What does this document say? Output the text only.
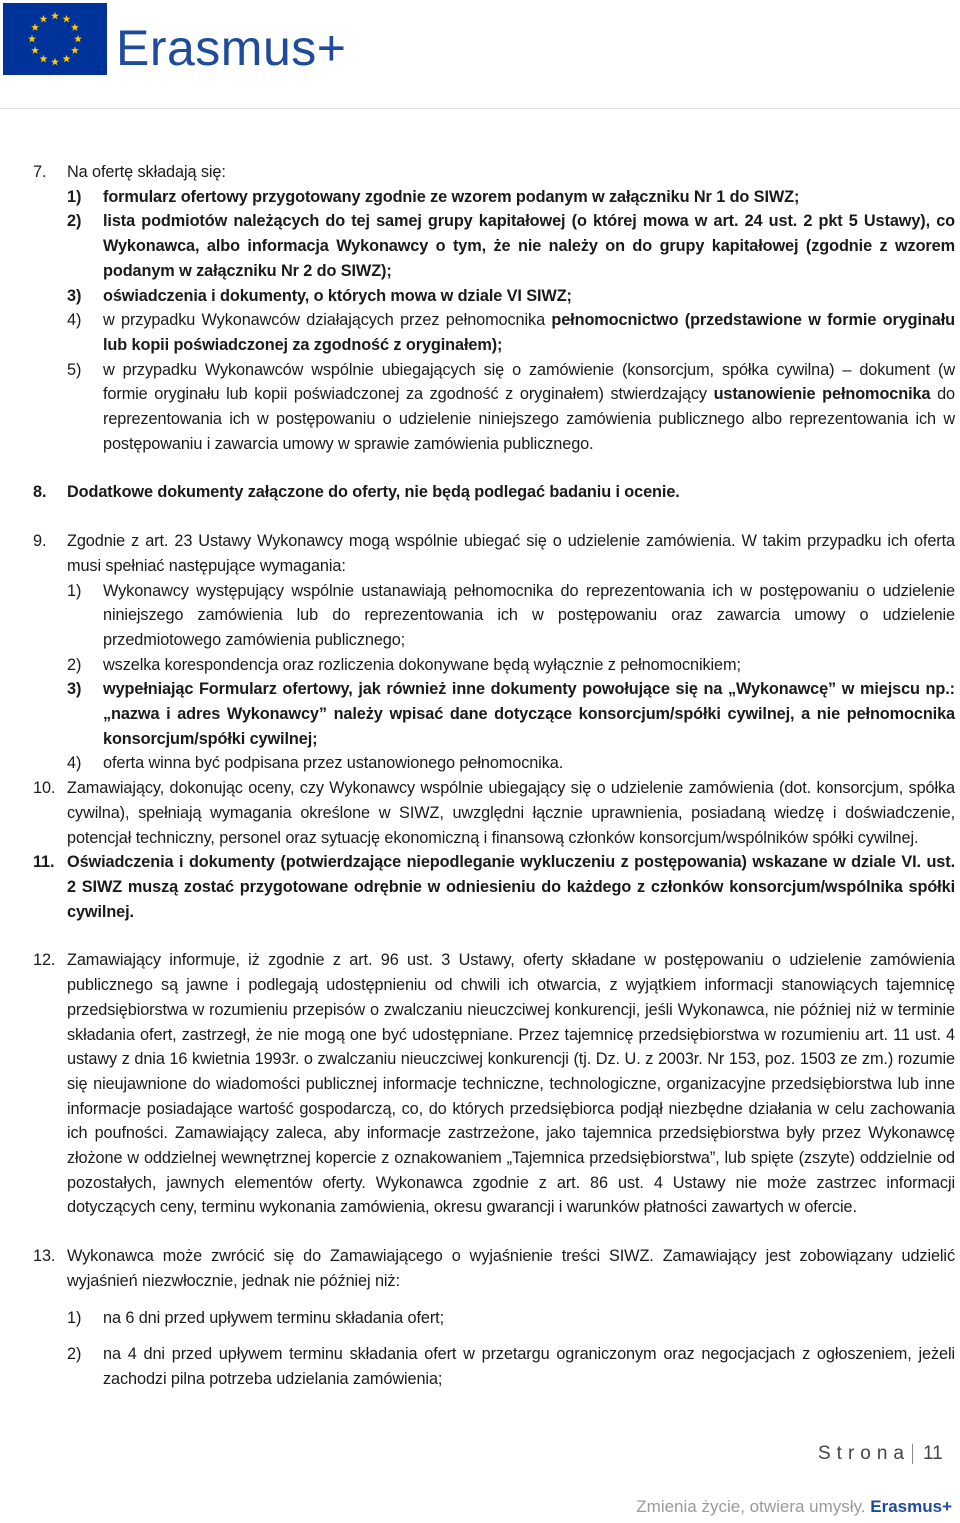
Erasmus+
7. Na ofertę składają się:

1) formularz ofertowy przygotowany zgodnie ze wzorem podanym w załączniku Nr 1 do SIWZ;

2) lista podmiotów należących do tej samej grupy kapitałowej (o której mowa w art. 24 ust. 2 pkt 5 Ustawy), co Wykonawca, albo informacja Wykonawcy o tym, że nie należy on do grupy kapitałowej (zgodnie z wzorem podanym w załączniku Nr 2 do SIWZ);

3) oświadczenia i dokumenty, o których mowa w dziale VI SIWZ;

4) w przypadku Wykonawców działających przez pełnomocnika pełnomocnictwo (przedstawione w formie oryginału lub kopii poświadczonej za zgodność z oryginałem);

5) w przypadku Wykonawców wspólnie ubiegających się o zamówienie (konsorcjum, spółka cywilna) – dokument (w formie oryginału lub kopii poświadczonej za zgodność z oryginałem) stwierdzający ustanowienie pełnomocnika do reprezentowania ich w postępowaniu o udzielenie niniejszego zamówienia publicznego albo reprezentowania ich w postępowaniu i zawarcia umowy w sprawie zamówienia publicznego.

8. Dodatkowe dokumenty załączone do oferty, nie będą podlegać badaniu i ocenie.

9. Zgodnie z art. 23 Ustawy Wykonawcy mogą wspólnie ubiegać się o udzielenie zamówienia. W takim przypadku ich oferta musi spełniać następujące wymagania:

1) Wykonawcy występujący wspólnie ustanawiają pełnomocnika do reprezentowania ich w postępowaniu o udzielenie niniejszego zamówienia lub do reprezentowania ich w postępowaniu oraz zawarcia umowy o udzielenie przedmiotowego zamówienia publicznego;

2) wszelka korespondencja oraz rozliczenia dokonywane będą wyłącznie z pełnomocnikiem;

3) wypełniając Formularz ofertowy, jak również inne dokumenty powołujące się na „Wykonawcę” w miejscu np.: „nazwa i adres Wykonawcy” należy wpisać dane dotyczące konsorcjum/spółki cywilnej, a nie pełnomocnika konsorcjum/spółki cywilnej;

4) oferta winna być podpisana przez ustanowionego pełnomocnika.

10. Zamawiający, dokonując oceny, czy Wykonawcy wspólnie ubiegający się o udzielenie zamówienia (dot. konsorcjum, spółka cywilna), spełniają wymagania określone w SIWZ, uwzględni łącznie uprawnienia, posiadaną wiedzę i doświadczenie, potencjał techniczny, personel oraz sytuację ekonomiczną i finansową członków konsorcjum/wspólników spółki cywilnej.

11. Oświadczenia i dokumenty (potwierdzające niepodleganie wykluczeniu z postępowania) wskazane w dziale VI. ust. 2 SIWZ muszą zostać przygotowane odrębnie w odniesieniu do każdego z członków konsorcjum/wspólnika spółki cywilnej.

12. Zamawiający informuje, iż zgodnie z art. 96 ust. 3 Ustawy, oferty składane w postępowaniu o udzielenie zamówienia publicznego są jawne i podlegają udostępnieniu od chwili ich otwarcia, z wyjątkiem informacji stanowiących tajemnicę przedsiębiorstwa w rozumieniu przepisów o zwalczaniu nieuczciwej konkurencji, jeśli Wykonawca, nie później niż w terminie składania ofert, zastrzegł, że nie mogą one być udostępniane. Przez tajemnicę przedsiębiorstwa w rozumieniu art. 11 ust. 4 ustawy z dnia 16 kwietnia 1993r. o zwalczaniu nieuczciwej konkurencji (tj. Dz. U. z 2003r. Nr 153, poz. 1503 ze zm.) rozumie się nieujawnione do wiadomości publicznej informacje techniczne, technologiczne, organizacyjne przedsiębiorstwa lub inne informacje posiadające wartość gospodarczą, co, do których przedsiębiorca podjął niezbędne działania w celu zachowania ich poufności. Zamawiający zaleca, aby informacje zastrzeżone, jako tajemnica przedsiębiorstwa były przez Wykonawcę złożone w oddzielnej wewnętrznej kopercie z oznakowaniem „Tajemnica przedsiębiorstwa”, lub spięte (zszyte) oddzielnie od pozostałych, jawnych elementów oferty. Wykonawca zgodnie z art. 86 ust. 4 Ustawy nie może zastrzec informacji dotyczących ceny, terminu wykonania zamówienia, okresu gwarancji i warunków płatności zawartych w ofercie.

13. Wykonawca może zwrócić się do Zamawiającego o wyjaśnienie treści SIWZ. Zamawiający jest zobowiązany udzielić wyjaśnień niezwłocznie, jednak nie później niż:

1) na 6 dni przed upływem terminu składania ofert;

2) na 4 dni przed upływem terminu składania ofert w przetargu ograniczonym oraz negocjacjach z ogłoszeniem, jeżeli zachodzi pilna potrzeba udzielania zamówienia;

Strona 11
Zmienia życie, otwiera umysły. Erasmus+
